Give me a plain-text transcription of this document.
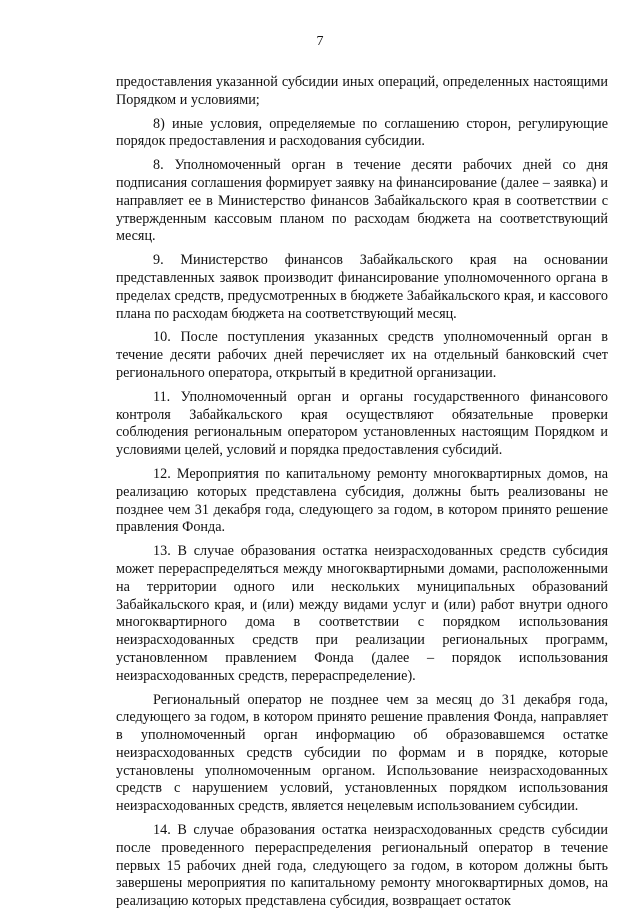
7

предоставления указанной субсидии иных операций, определенных настоящими Порядком и условиями;

8) иные условия, определяемые по соглашению сторон, регулирующие порядок предоставления и расходования субсидии.

8. Уполномоченный орган в течение десяти рабочих дней со дня подписания соглашения формирует заявку на финансирование (далее – заявка) и направляет ее в Министерство финансов Забайкальского края в соответствии с утвержденным кассовым планом по расходам бюджета на соответствующий месяц.

9. Министерство финансов Забайкальского края на основании представленных заявок производит финансирование уполномоченного органа в пределах средств, предусмотренных в бюджете Забайкальского края, и кассового плана по расходам бюджета на соответствующий месяц.

10. После поступления указанных средств уполномоченный орган в течение десяти рабочих дней перечисляет их на отдельный банковский счет регионального оператора, открытый в кредитной организации.

11. Уполномоченный орган и органы государственного финансового контроля Забайкальского края осуществляют обязательные проверки соблюдения региональным оператором установленных настоящим Порядком и условиями целей, условий и порядка предоставления субсидий.

12. Мероприятия по капитальному ремонту многоквартирных домов, на реализацию которых представлена субсидия, должны быть реализованы не позднее чем 31 декабря года, следующего за годом, в котором принято решение правления Фонда.

13. В случае образования остатка неизрасходованных средств субсидия может перераспределяться между многоквартирными домами, расположенными на территории одного или нескольких муниципальных образований Забайкальского края, и (или) между видами услуг и (или) работ внутри одного многоквартирного дома в соответствии с порядком использования неизрасходованных средств при реализации региональных программ, установленном правлением Фонда (далее – порядок использования неизрасходованных средств, перераспределение).

Региональный оператор не позднее чем за месяц до 31 декабря года, следующего за годом, в котором принято решение правления Фонда, направляет в уполномоченный орган информацию об образовавшемся остатке неизрасходованных средств субсидии по формам и в порядке, которые установлены уполномоченным органом. Использование неизрасходованных средств с нарушением условий, установленных порядком использования неизрасходованных средств, является нецелевым использованием субсидии.

14. В случае образования остатка неизрасходованных средств субсидии после проведенного перераспределения региональный оператор в течение первых 15 рабочих дней года, следующего за годом, в котором должны быть завершены мероприятия по капитальному ремонту многоквартирных домов, на реализацию которых представлена субсидия, возвращает остаток
